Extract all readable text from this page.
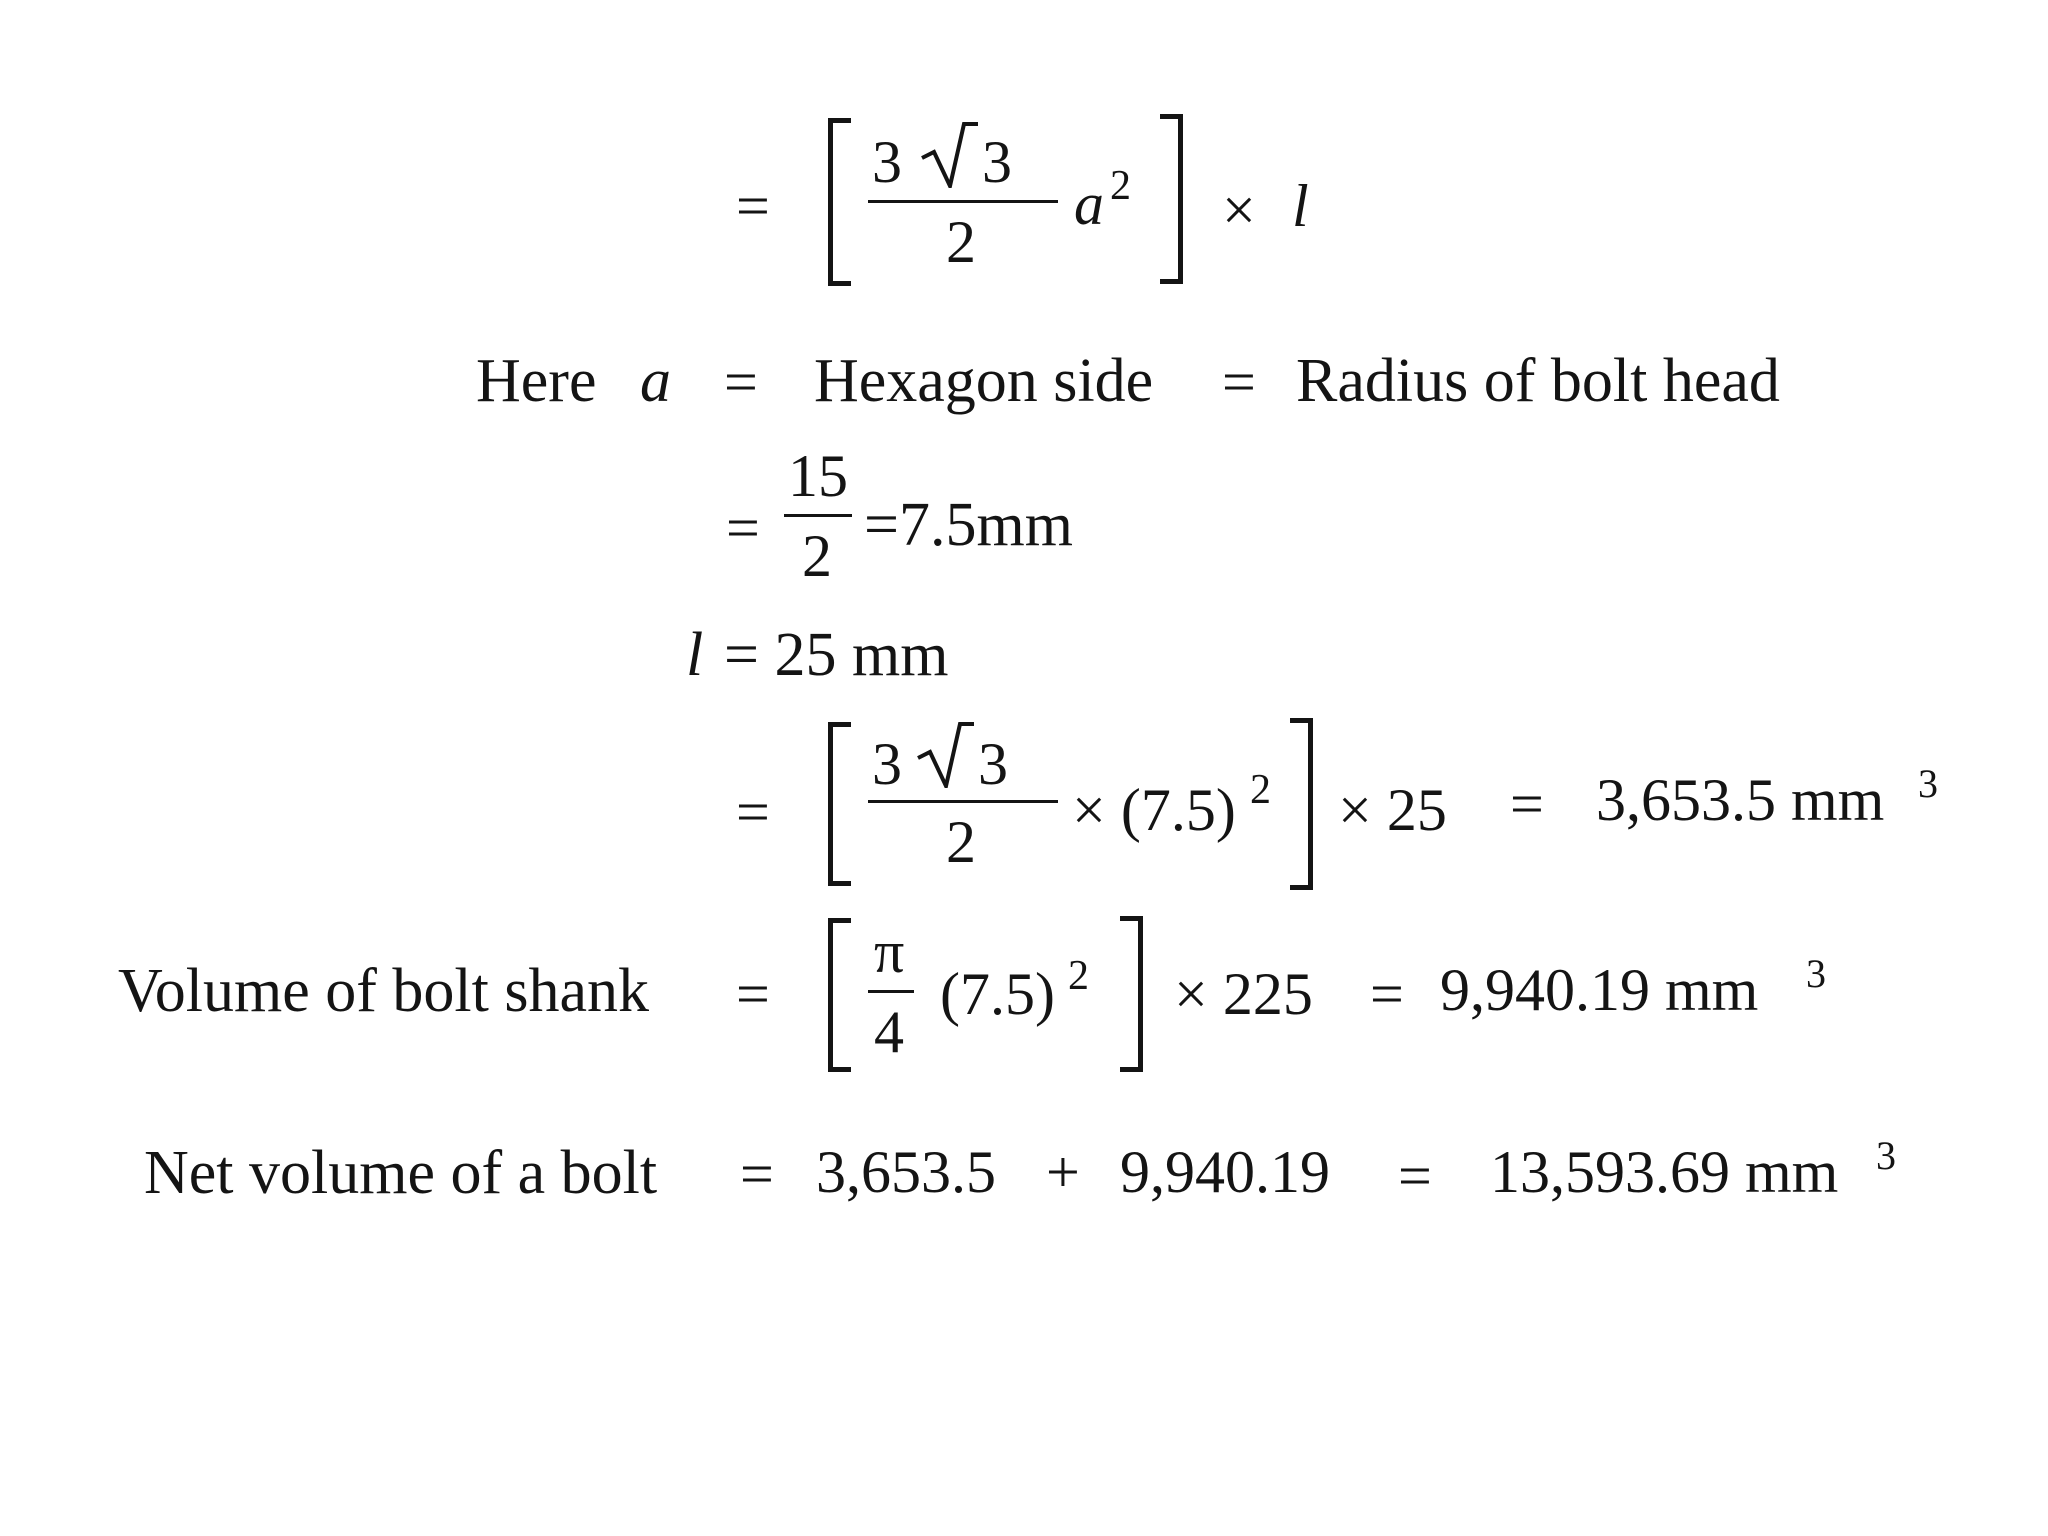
=
3 3
2
a 2 × l
Here a = Hexagon side = Radius of bolt head
=
15
2 =7.5mm
l = 25 mm
=
3 3
2 × (7.5) 2 × 25 = 3,653.5 mm 3
Volume of bolt shank =
π
4
(7.5) 2 × 225 = 9,940.19 mm 3
Net volume of a bolt = 3,653.5 + 9,940.19 = 13,593.69 mm 3
